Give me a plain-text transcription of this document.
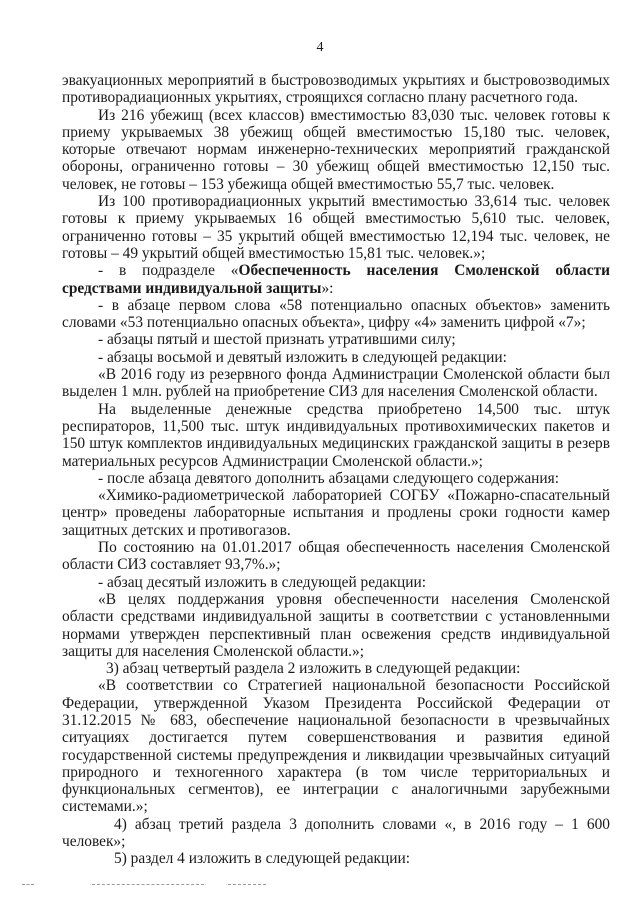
4

эвакуационных мероприятий в быстровозводимых укрытиях и быстровозводимых противорадиационных укрытиях, строящихся согласно плану расчетного года.

Из 216 убежищ (всех классов) вместимостью 83,030 тыс. человек готовы к приему укрываемых 38 убежищ общей вместимостью 15,180 тыс. человек, которые отвечают нормам инженерно-технических мероприятий гражданской обороны, ограниченно готовы – 30 убежищ общей вместимостью 12,150 тыс. человек, не готовы – 153 убежища общей вместимостью 55,7 тыс. человек.

Из 100 противорадиационных укрытий вместимостью 33,614 тыс. человек готовы к приему укрываемых 16 общей вместимостью 5,610 тыс. человек, ограниченно готовы – 35 укрытий общей вместимостью 12,194 тыс. человек, не готовы – 49 укрытий общей вместимостью 15,81 тыс. человек.»;

- в подразделе «Обеспеченность населения Смоленской области средствами индивидуальной защиты»:

- в абзаце первом слова «58 потенциально опасных объектов» заменить словами «53 потенциально опасных объекта», цифру «4» заменить цифрой «7»;

- абзацы пятый и шестой признать утратившими силу;

- абзацы восьмой и девятый изложить в следующей редакции:

«В 2016 году из резервного фонда Администрации Смоленской области был выделен 1 млн. рублей на приобретение СИЗ для населения Смоленской области.

На выделенные денежные средства приобретено 14,500 тыс. штук респираторов, 11,500 тыс. штук индивидуальных противохимических пакетов и 150 штук комплектов индивидуальных медицинских гражданской защиты в резерв материальных ресурсов Администрации Смоленской области.»;

- после абзаца девятого дополнить абзацами следующего содержания:

«Химико-радиометрической лабораторией СОГБУ «Пожарно-спасательный центр» проведены лабораторные испытания и продлены сроки годности камер защитных детских и противогазов.

По состоянию на 01.01.2017 общая обеспеченность населения Смоленской области СИЗ составляет 93,7%.»;

- абзац десятый изложить в следующей редакции:

«В целях поддержания уровня обеспеченности населения Смоленской области средствами индивидуальной защиты в соответствии с установленными нормами утвержден перспективный план освежения средств индивидуальной защиты для населения Смоленской области.»;

3) абзац четвертый раздела 2 изложить в следующей редакции:

«В соответствии со Стратегией национальной безопасности Российской Федерации, утвержденной Указом Президента Российской Федерации от 31.12.2015 № 683, обеспечение национальной безопасности в чрезвычайных ситуациях достигается путем совершенствования и развития единой государственной системы предупреждения и ликвидации чрезвычайных ситуаций природного и техногенного характера (в том числе территориальных и функциональных сегментов), ее интеграции с аналогичными зарубежными системами.»;

4) абзац третий раздела 3 дополнить словами «, в 2016 году – 1 600 человек»;

5) раздел 4 изложить в следующей редакции:
